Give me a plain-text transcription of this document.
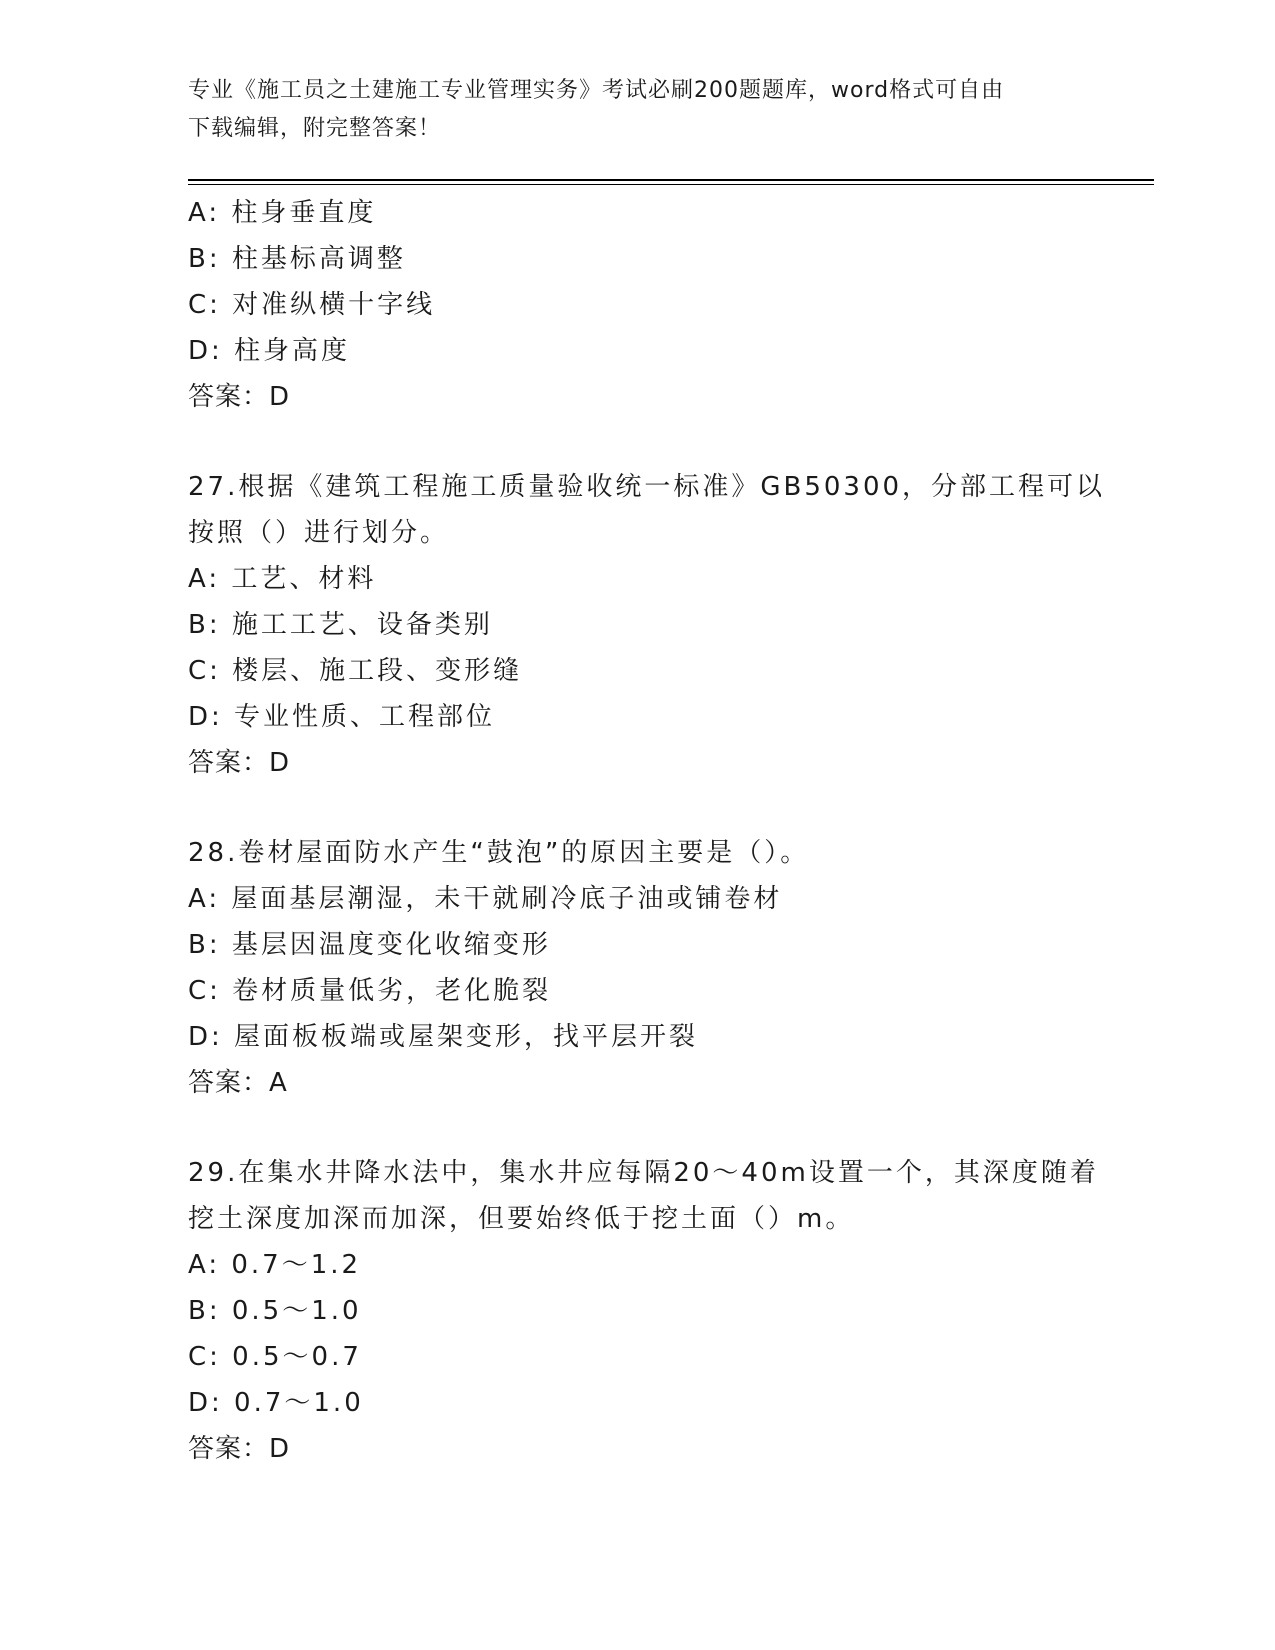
专业《施工员之土建施工专业管理实务》考试必刷200题题库，word格式可自由
下载编辑，附完整答案！
A: 柱身垂直度
B: 柱基标高调整
C: 对准纵横十字线
D: 柱身高度
答案：D
27.根据《建筑工程施工质量验收统一标准》GB50300，分部工程可以
按照（）进行划分。
A: 工艺、材料
B: 施工工艺、设备类别
C: 楼层、施工段、变形缝
D: 专业性质、工程部位
答案：D
28.卷材屋面防水产生“鼓泡”的原因主要是（）。
A: 屋面基层潮湿，未干就刷冷底子油或铺卷材
B: 基层因温度变化收缩变形
C: 卷材质量低劣，老化脆裂
D: 屋面板板端或屋架变形，找平层开裂
答案：A
29.在集水井降水法中，集水井应每隔20～40m设置一个，其深度随着
挖土深度加深而加深，但要始终低于挖土面（）m。
A: 0.7～1.2
B: 0.5～1.0
C: 0.5～0.7
D: 0.7～1.0
答案：D
